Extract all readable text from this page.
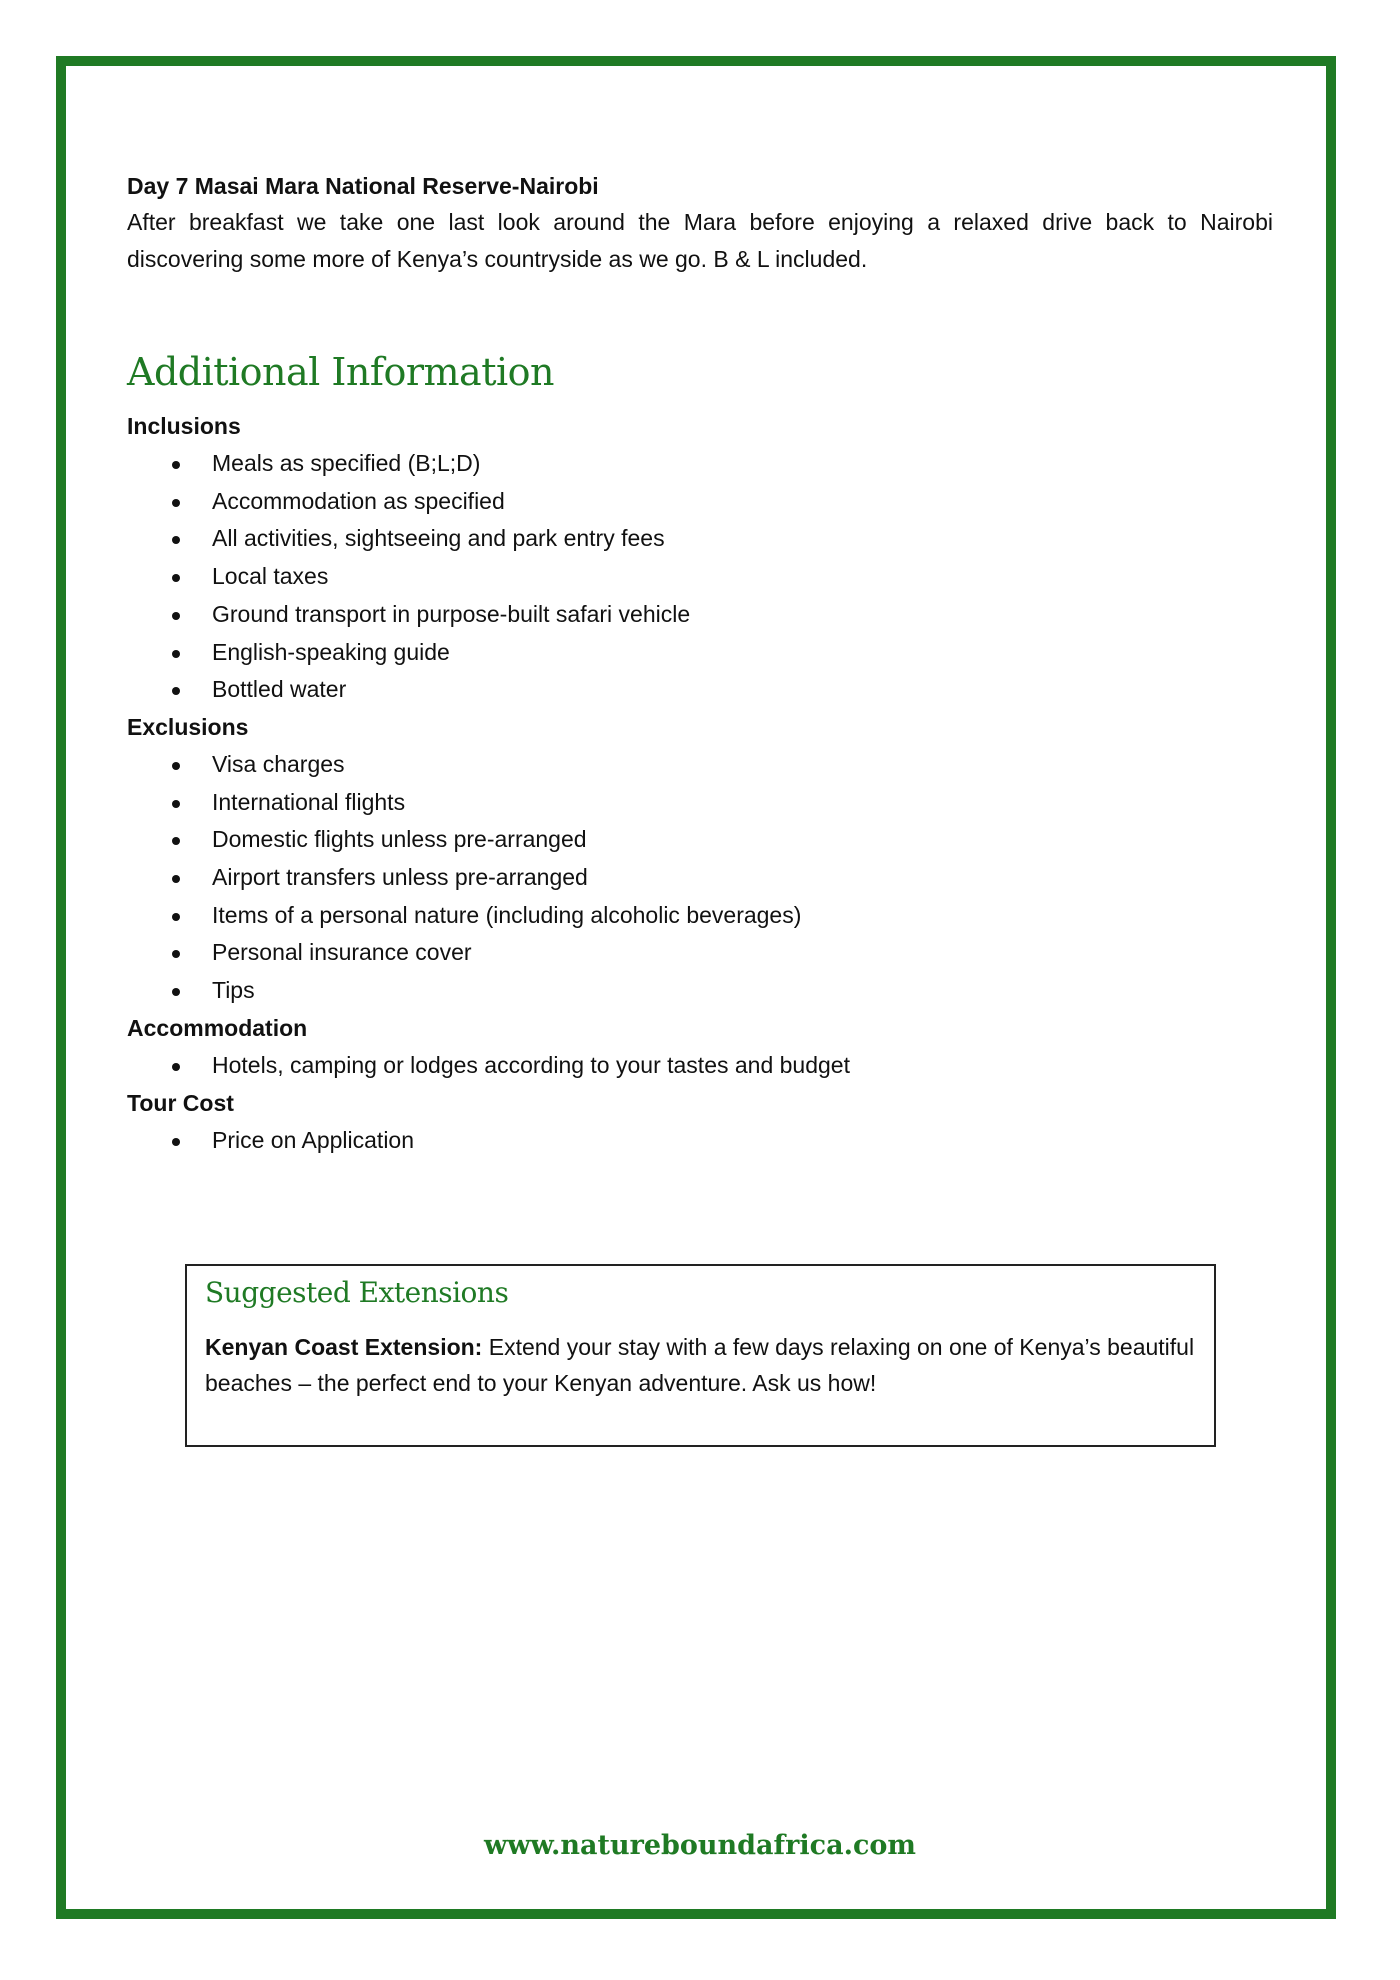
Day 7 Masai Mara National Reserve-Nairobi

After breakfast we take one last look around the Mara before enjoying a relaxed drive back to Nairobi discovering some more of Kenya’s countryside as we go. B & L included.

Additional Information

Inclusions

Meals as specified (B;L;D)
Accommodation as specified
All activities, sightseeing and park entry fees
Local taxes
Ground transport in purpose-built safari vehicle
English-speaking guide
Bottled water

Exclusions

Visa charges
International flights
Domestic flights unless pre-arranged
Airport transfers unless pre-arranged
Items of a personal nature (including alcoholic beverages)
Personal insurance cover
Tips

Accommodation

Hotels, camping or lodges according to your tastes and budget

Tour Cost

Price on Application
Suggested Extensions

Kenyan Coast Extension: Extend your stay with a few days relaxing on one of Kenya’s beautiful beaches – the perfect end to your Kenyan adventure. Ask us how!

www.natureboundafrica.com
